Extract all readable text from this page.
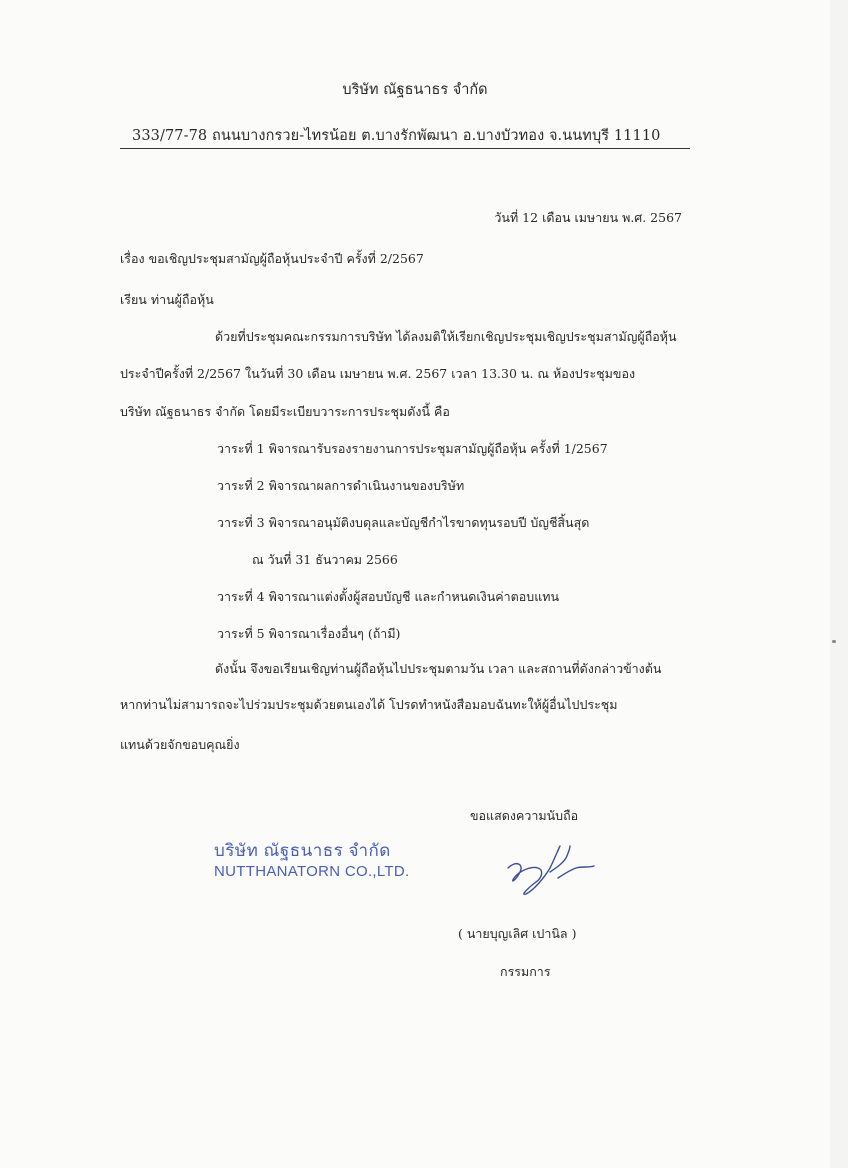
บริษัท ณัฐธนาธร จำกัด
333/77-78 ถนนบางกรวย-ไทรน้อย ต.บางรักพัฒนา อ.บางบัวทอง จ.นนทบุรี 11110
วันที่ 12 เดือน เมษายน พ.ศ. 2567
เรื่อง ขอเชิญประชุมสามัญผู้ถือหุ้นประจำปี ครั้งที่ 2/2567
เรียน ท่านผู้ถือหุ้น
ด้วยที่ประชุมคณะกรรมการบริษัท ได้ลงมติให้เรียกเชิญประชุมเชิญประชุมสามัญผู้ถือหุ้น
ประจำปีครั้งที่ 2/2567 ในวันที่ 30 เดือน เมษายน พ.ศ. 2567 เวลา 13.30 น. ณ ห้องประชุมของ
บริษัท ณัฐธนาธร จำกัด โดยมีระเบียบวาระการประชุมดังนี้ คือ
วาระที่ 1 พิจารณารับรองรายงานการประชุมสามัญผู้ถือหุ้น ครั้งที่ 1/2567
วาระที่ 2 พิจารณาผลการดำเนินงานของบริษัท
วาระที่ 3 พิจารณาอนุมัติงบดุลและบัญชีกำไรขาดทุนรอบปี บัญชีสิ้นสุด
ณ วันที่ 31 ธันวาคม 2566
วาระที่ 4 พิจารณาแต่งตั้งผู้สอบบัญชี และกำหนดเงินค่าตอบแทน
วาระที่ 5 พิจารณาเรื่องอื่นๆ (ถ้ามี)
ดังนั้น จึงขอเรียนเชิญท่านผู้ถือหุ้นไปประชุมตามวัน เวลา และสถานที่ดังกล่าวข้างต้น
หากท่านไม่สามารถจะไปร่วมประชุมด้วยตนเองได้ โปรดทำหนังสือมอบฉันทะให้ผู้อื่นไปประชุม
แทนด้วยจักขอบคุณยิ่ง
ขอแสดงความนับถือ
บริษัท ณัฐธนาธร จำกัด
NUTTHANATORN CO.,LTD.
( นายบุญเลิศ เปานิล )
กรรมการ
